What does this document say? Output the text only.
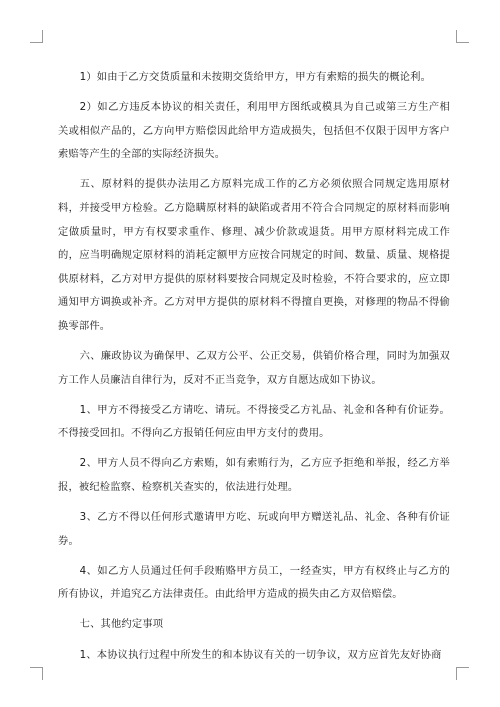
1）如由于乙方交货质量和未按期交货给甲方，甲方有索赔的损失的概论利。

2）如乙方违反本协议的相关责任，利用甲方图纸或模具为自己或第三方生产相关或相似产品的，乙方向甲方赔偿因此给甲方造成损失，包括但不仅限于因甲方客户索赔等产生的全部的实际经济损失。

五、原材料的提供办法用乙方原料完成工作的乙方必须依照合同规定选用原材料，并接受甲方检验。乙方隐瞒原材料的缺陷或者用不符合合同规定的原材料而影响定做质量时，甲方有权要求重作、修理、减少价款或退货。用甲方原材料完成工作的，应当明确规定原材料的消耗定额甲方应按合同规定的时间、数量、质量、规格提供原材料，乙方对甲方提供的原材料要按合同规定及时检验，不符合要求的，应立即通知甲方调换或补齐。乙方对甲方提供的原材料不得擅自更换，对修理的物品不得偷换零部件。

六、廉政协议为确保甲、乙双方公平、公正交易，供销价格合理，同时为加强双方工作人员廉洁自律行为，反对不正当竞争，双方自愿达成如下协议。

1、甲方不得接受乙方请吃、请玩。不得接受乙方礼品、礼金和各种有价证券。不得接受回扣。不得向乙方报销任何应由甲方支付的费用。

2、甲方人员不得向乙方索贿，如有索贿行为，乙方应予拒绝和举报，经乙方举报，被纪检监察、检察机关查实的，依法进行处理。

3、乙方不得以任何形式邀请甲方吃、玩或向甲方赠送礼品、礼金、各种有价证券。

4、如乙方人员通过任何手段贿赂甲方员工，一经查实，甲方有权终止与乙方的所有协议，并追究乙方法律责任。由此给甲方造成的损失由乙方双倍赔偿。

七、其他约定事项

1、本协议执行过程中所发生的和本协议有关的一切争议，双方应首先友好协商
